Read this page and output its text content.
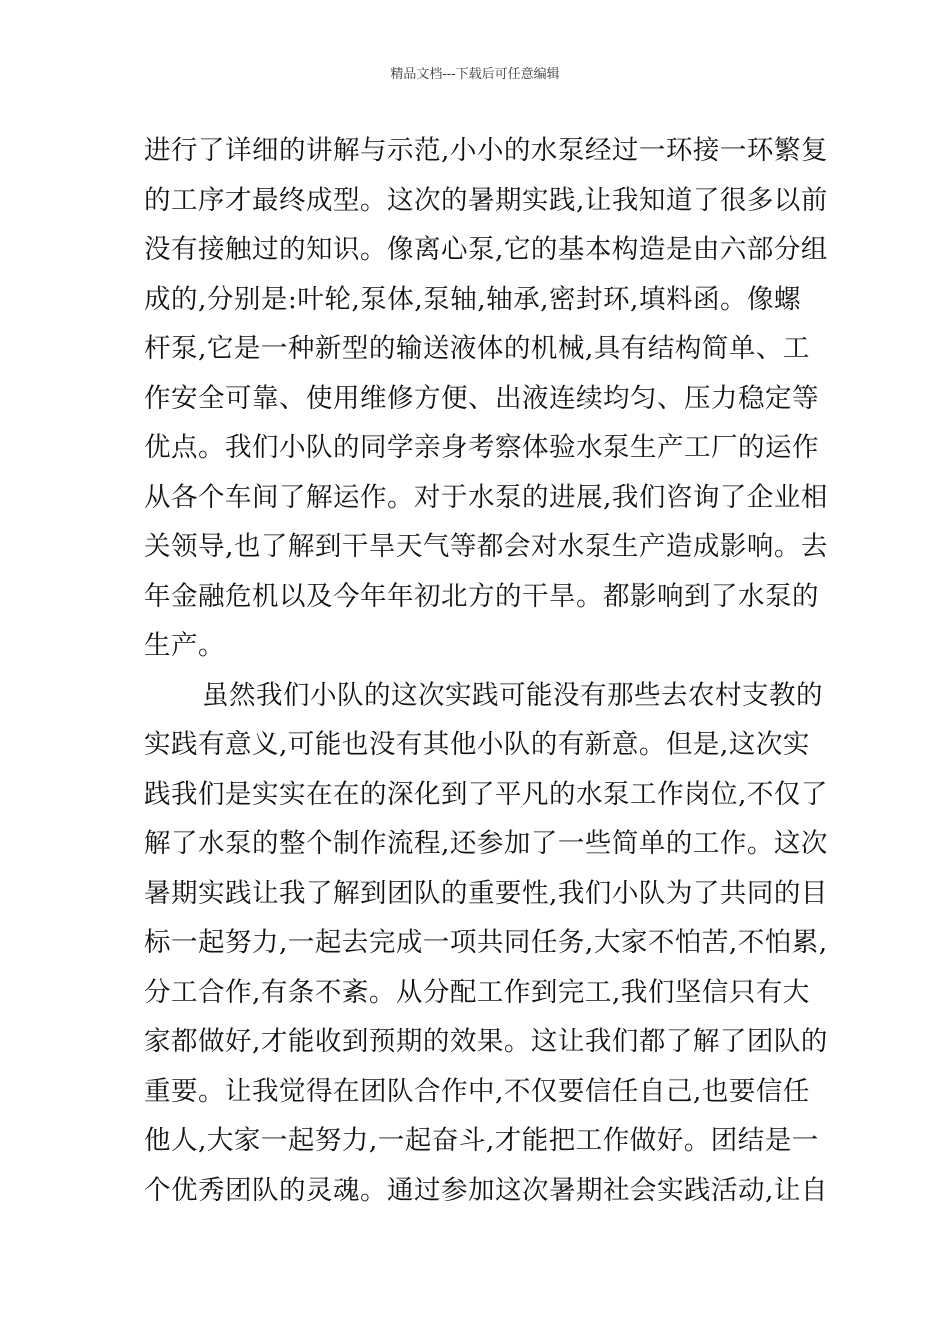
精品文档---下载后可任意编辑
进行了详细的讲解与示范,小小的水泵经过一环接一环繁复
的工序才最终成型。这次的暑期实践,让我知道了很多以前
没有接触过的知识。像离心泵,它的基本构造是由六部分组
成的,分别是:叶轮,泵体,泵轴,轴承,密封环,填料函。像螺
杆泵,它是一种新型的输送液体的机械,具有结构简单、工
作安全可靠、使用维修方便、出液连续均匀、压力稳定等
优点。我们小队的同学亲身考察体验水泵生产工厂的运作
从各个车间了解运作。对于水泵的进展,我们咨询了企业相
关领导,也了解到干旱天气等都会对水泵生产造成影响。去
年金融危机以及今年年初北方的干旱。都影响到了水泵的
生产。
虽然我们小队的这次实践可能没有那些去农村支教的
实践有意义,可能也没有其他小队的有新意。但是,这次实
践我们是实实在在的深化到了平凡的水泵工作岗位,不仅了
解了水泵的整个制作流程,还参加了一些简单的工作。这次
暑期实践让我了解到团队的重要性,我们小队为了共同的目
标一起努力,一起去完成一项共同任务,大家不怕苦,不怕累,
分工合作,有条不紊。从分配工作到完工,我们坚信只有大
家都做好,才能收到预期的效果。这让我们都了解了团队的
重要。让我觉得在团队合作中,不仅要信任自己,也要信任
他人,大家一起努力,一起奋斗,才能把工作做好。团结是一
个优秀团队的灵魂。通过参加这次暑期社会实践活动,让自
